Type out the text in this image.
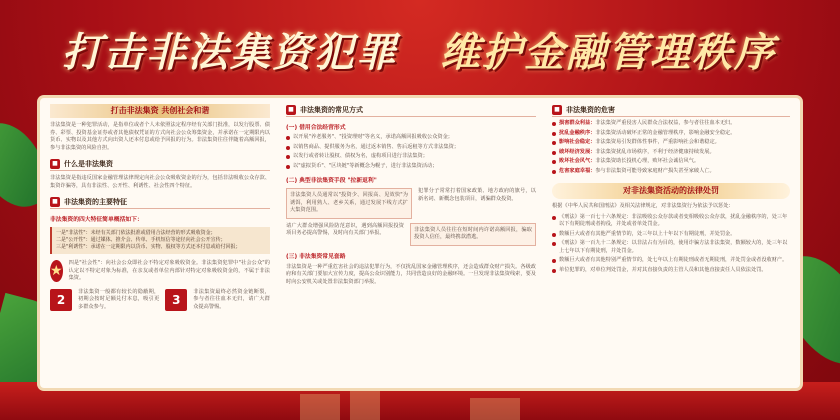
打击非法集资犯罪 维护金融管理秩序
打击非法集资 共创社会和谐
非法集资是一种犯罪活动，是指单位或者个人未依照法定程序经有关部门批准，以发行股票、债券、彩票、投资基金证券或者其他债权凭证的方式向社会公众筹集资金，并承诺在一定期限内以货币、实物以及其他方式向出资人还本付息或给予回报的行为。非法集资往往伴随着高额回报，参与非法集资的风险自担。
■ 什么是非法集资
非法集资是指违反国家金融管理法律规定向社会公众吸收资金的行为，包括非法吸收公众存款、集资诈骗等，具有非法性、公开性、利诱性、社会性四个特征。
■ 非法集资的主要特征
非法集资的四大特征简单概括如下：
一是"非法性"：未经有关部门依法批准或借用合法经营的形式吸收资金；
二是"公开性"：通过媒体、推介会、传单、手机短信等途径向社会公开宣传；
三是"利诱性"：承诺在一定期限内以货币、实物、股权等方式还本付息或给付回报；
★ 四是"社会性"：向社会公众即社会不特定对象吸收资金。非法集资犯罪中"社会公众"的认定以不特定对象为标准，在亲友或者单位内部针对特定对象吸收资金的，不属于非法集资。
2
非法集资一般都有较长的隐蔽期，初期会按时足额兑付本息，吸引更多群众参与。	3
非法集资最终必然资金链断裂，参与者往往血本无归，请广大群众提高警惕。
■ 非法集资的常见方式
(一) 借用合法经营形式
以开展"养老服务"、"投资理财"等名义，承诺高额回报吸收公众资金；
以销售商品、提供服务为名，通过返本销售、售后返租等方式非法集资；
以发行或者转让股权、债权为名，虚构项目进行非法集资；
以"虚拟货币"、"区块链"等新概念为幌子，进行非法集资活动；
(二) 典型非法集资手段 "拉新返利"
非法集资人员通常以"投资少、回报高、见效快"为诱饵，利用熟人、老乡关系，通过发展下线方式扩大集资范围。
犯罪分子常常打着国家政策、地方政府的旗号，以新名词、新概念包装项目，诱骗群众投资。
请广大群众增强风险防范意识，遇到高额回报投资项目务必提高警惕，及时向有关部门举报。
非法集资人员往往在短时间内许诺高额回报，骗取投资人信任，最终携款潜逃。
(三) 非法集资常见套路
非法集资是一种严重危害社会的违法犯罪行为，不仅扰乱国家金融管理秩序，还会造成群众财产损失。各级政府和有关部门要加大宣传力度，提高公众识别能力，共同营造良好的金融环境。一旦发现非法集资线索，要及时向公安机关或处置非法集资部门举报。
■ 非法集资的危害
损害群众利益：非法集资严重侵害人民群众合法权益，参与者往往血本无归。
扰乱金融秩序：非法集资活动破坏正常的金融管理秩序，影响金融安全稳定。
影响社会稳定：非法集资易引发群体性事件，严重影响社会和谐稳定。
破坏经济发展：非法集资扰乱市场秩序，不利于经济健康持续发展。
败坏社会风气：非法集资助长投机心理，败坏社会诚信风气。
危害家庭幸福：参与非法集资可能导致家庭财产损失甚至家破人亡。
对非法集资活动的法律处罚
根据《中华人民共和国刑法》及相关法律规定，对非法集资行为依法予以惩处：
《刑法》第一百七十六条规定：非法吸收公众存款或者变相吸收公众存款，扰乱金融秩序的，处三年以下有期徒刑或者拘役，并处或者单处罚金。
数额巨大或者有其他严重情节的，处三年以上十年以下有期徒刑，并处罚金。
《刑法》第一百九十二条规定：以非法占有为目的，使用诈骗方法非法集资，数额较大的，处三年以上七年以下有期徒刑，并处罚金。
数额巨大或者有其他特别严重情节的，处七年以上有期徒刑或者无期徒刑，并处罚金或者没收财产。
单位犯罪的，对单位判处罚金，并对其直接负责的主管人员和其他直接责任人员依法处罚。
